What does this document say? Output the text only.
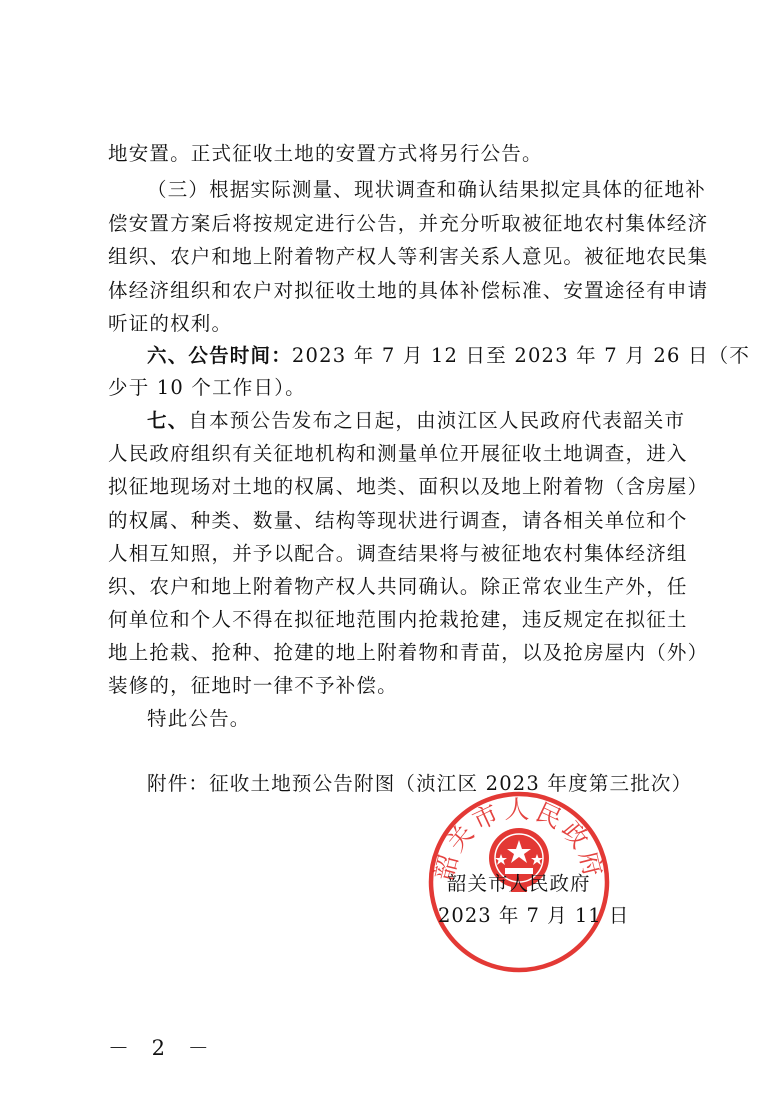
地安置。正式征收土地的安置方式将另行公告。
（三）根据实际测量、现状调查和确认结果拟定具体的征地补
偿安置方案后将按规定进行公告，并充分听取被征地农村集体经济
组织、农户和地上附着物产权人等利害关系人意见。被征地农民集
体经济组织和农户对拟征收土地的具体补偿标准、安置途径有申请
听证的权利。
六、公告时间：2023 年 7 月 12 日至 2023 年 7 月 26 日（不
少于 10 个工作日）。
七、自本预公告发布之日起，由浈江区人民政府代表韶关市
人民政府组织有关征地机构和测量单位开展征收土地调查，进入
拟征地现场对土地的权属、地类、面积以及地上附着物（含房屋）
的权属、种类、数量、结构等现状进行调查，请各相关单位和个
人相互知照，并予以配合。调查结果将与被征地农村集体经济组
织、农户和地上附着物产权人共同确认。除正常农业生产外，任
何单位和个人不得在拟征地范围内抢栽抢建，违反规定在拟征土
地上抢栽、抢种、抢建的地上附着物和青苗，以及抢房屋内（外）
装修的，征地时一律不予补偿。
特此公告。
附件：征收土地预公告附图（浈江区 2023 年度第三批次）
韶关市人民政府
韶关市人民政府
2023 年 7 月 11 日
－ 2 －
